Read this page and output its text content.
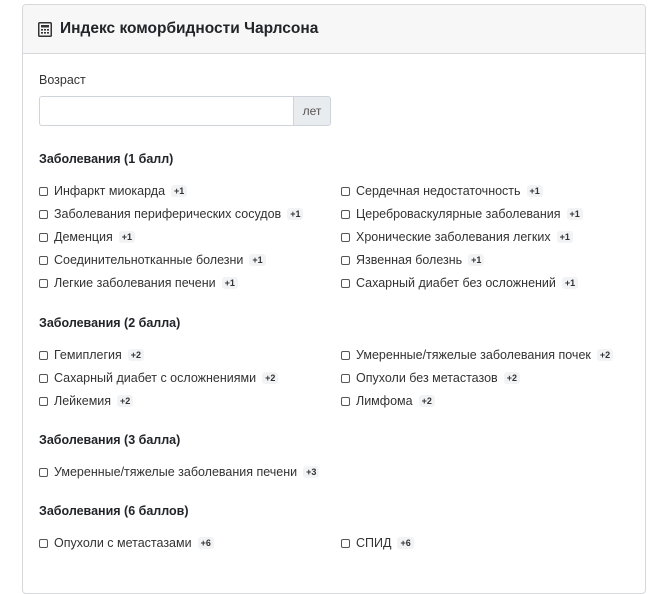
Индекс коморбидности Чарлсона
Возраст
лет
Заболевания (1 балл)
Инфаркт миокарда	+1	Сердечная недостаточность	+1
Заболевания периферических сосудов	+1	Цереброваскулярные заболевания	+1
Деменция	+1	Хронические заболевания легких	+1
Соединительнотканные болезни	+1	Язвенная болезнь	+1
Легкие заболевания печени	+1	Сахарный диабет без осложнений	+1
Заболевания (2 балла)
Гемиплегия	+2	Умеренные/тяжелые заболевания почек	+2
Сахарный диабет с осложнениями	+2	Опухоли без метастазов	+2
Лейкемия	+2	Лимфома	+2
Заболевания (3 балла)
Умеренные/тяжелые заболевания печени	+3
Заболевания (6 баллов)
Опухоли с метастазами	+6	СПИД	+6
